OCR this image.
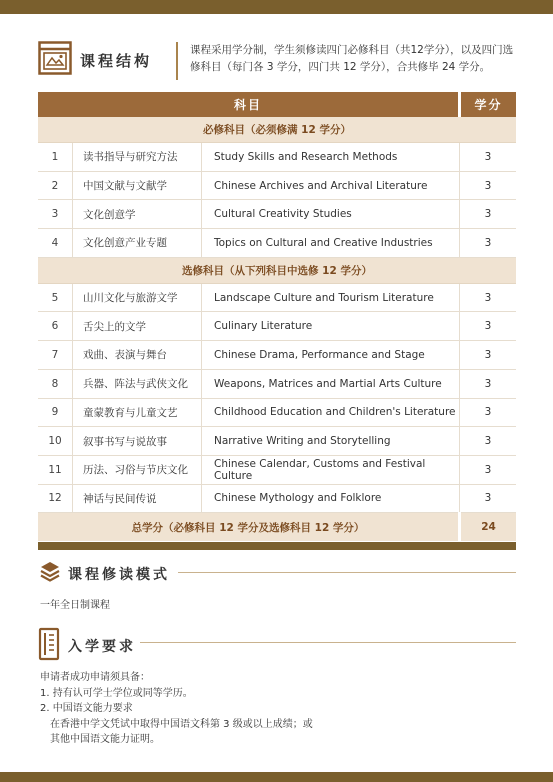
课程结构
课程采用学分制，学生须修读四门必修科目（共12学分），以及四门选修科目（每门各 3 学分，四门共 12 学分），合共修毕 24 学分。
科目			学分
必修科目（必须修满 12 学分）			
1	读书指导与研究方法	Study Skills and Research Methods	3
2	中国文献与文献学	Chinese Archives and Archival Literature	3
3	文化创意学	Cultural Creativity Studies	3
4	文化创意产业专题	Topics on Cultural and Creative Industries	3
选修科目（从下列科目中选修 12 学分）			
5	山川文化与旅游文学	Landscape Culture and Tourism Literature	3
6	舌尖上的文学	Culinary Literature	3
7	戏曲、表演与舞台	Chinese Drama, Performance and Stage	3
8	兵器、阵法与武侠文化	Weapons, Matrices and Martial Arts Culture	3
9	童蒙教育与儿童文艺	Childhood Education and Children's Literature	3
10	叙事书写与说故事	Narrative Writing and Storytelling	3
11	历法、习俗与节庆文化	Chinese Calendar, Customs and Festival Culture	3
12	神话与民间传说	Chinese Mythology and Folklore	3
总学分（必修科目 12 学分及选修科目 12 学分）			24
课程修读模式
一年全日制课程
入学要求
申请者成功申请须具备：
1. 持有认可学士学位或同等学历。
2. 中国语文能力要求
在香港中学文凭试中取得中国语文科第 3 级或以上成绩；或
其他中国语文能力证明。
